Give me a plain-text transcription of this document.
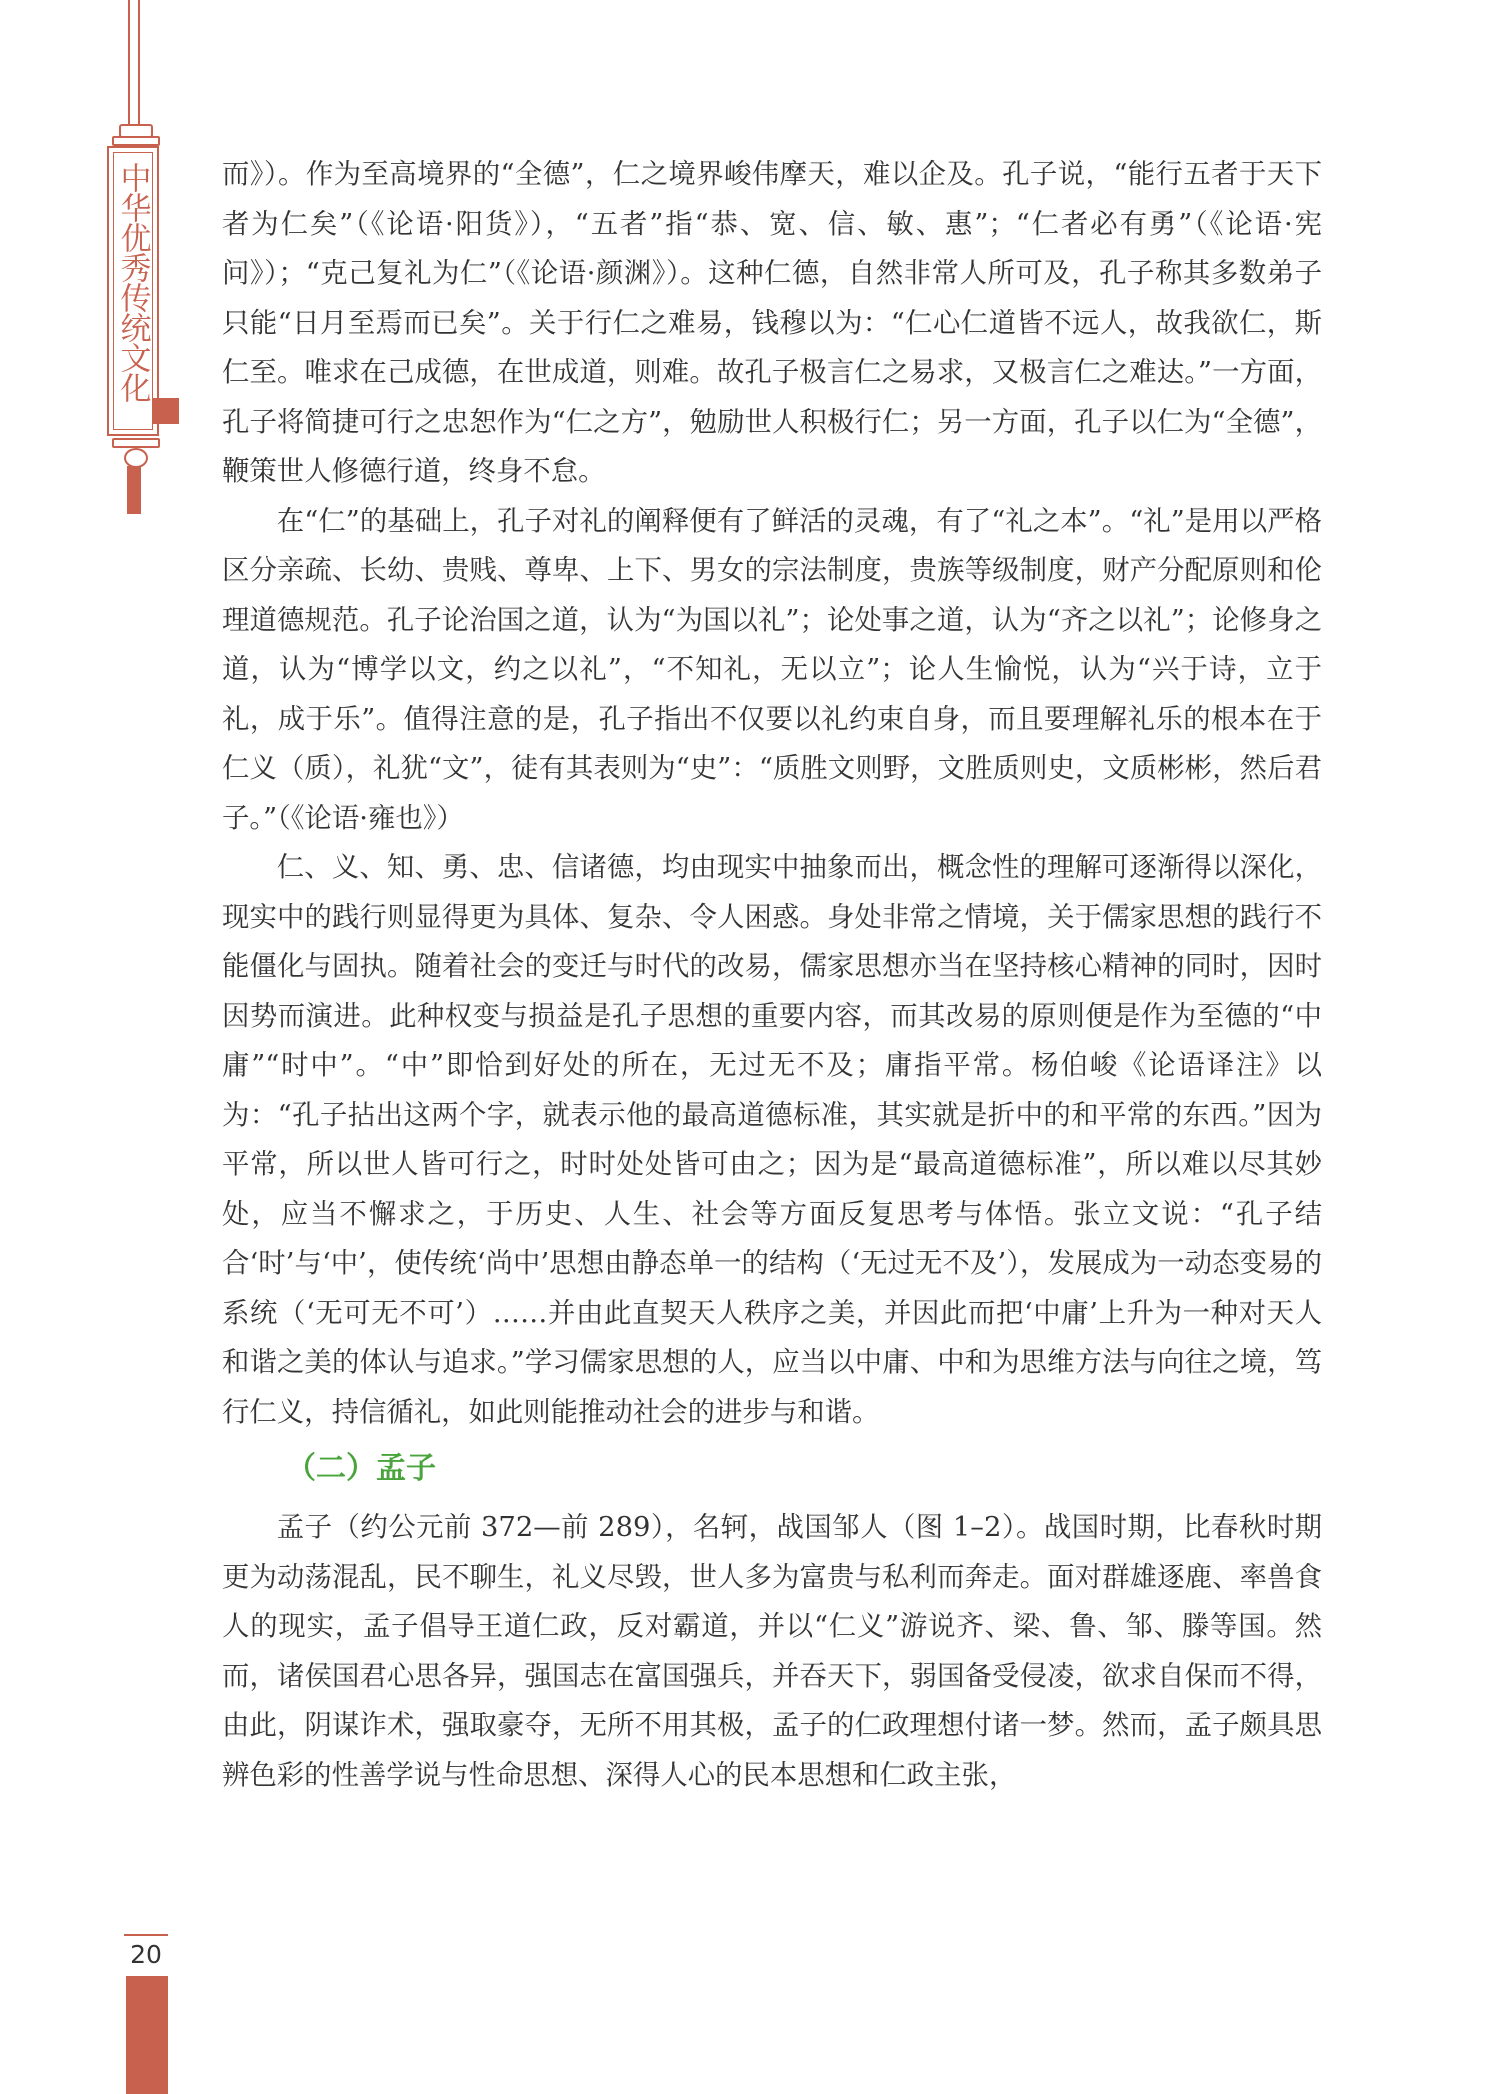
中华优秀传统文化
20

而》）。作为至高境界的“全德”，仁之境界峻伟摩天，难以企及。孔子说，“能行五者于天下者为仁矣”（《论语·阳货》），“五者”指“恭、宽、信、敏、惠”；“仁者必有勇”（《论语·宪问》）；“克己复礼为仁”（《论语·颜渊》）。这种仁德，自然非常人所可及，孔子称其多数弟子只能“日月至焉而已矣”。关于行仁之难易，钱穆以为：“仁心仁道皆不远人，故我欲仁，斯仁至。唯求在己成德，在世成道，则难。故孔子极言仁之易求，又极言仁之难达。”一方面，孔子将简捷可行之忠恕作为“仁之方”，勉励世人积极行仁；另一方面，孔子以仁为“全德”，鞭策世人修德行道，终身不怠。

在“仁”的基础上，孔子对礼的阐释便有了鲜活的灵魂，有了“礼之本”。“礼”是用以严格区分亲疏、长幼、贵贱、尊卑、上下、男女的宗法制度，贵族等级制度，财产分配原则和伦理道德规范。孔子论治国之道，认为“为国以礼”；论处事之道，认为“齐之以礼”；论修身之道，认为“博学以文，约之以礼”，“不知礼，无以立”；论人生愉悦，认为“兴于诗，立于礼，成于乐”。值得注意的是，孔子指出不仅要以礼约束自身，而且要理解礼乐的根本在于仁义（质），礼犹“文”，徒有其表则为“史”：“质胜文则野，文胜质则史，文质彬彬，然后君子。”（《论语·雍也》）

仁、义、知、勇、忠、信诸德，均由现实中抽象而出，概念性的理解可逐渐得以深化，现实中的践行则显得更为具体、复杂、令人困惑。身处非常之情境，关于儒家思想的践行不能僵化与固执。随着社会的变迁与时代的改易，儒家思想亦当在坚持核心精神的同时，因时因势而演进。此种权变与损益是孔子思想的重要内容，而其改易的原则便是作为至德的“中庸”“时中”。“中”即恰到好处的所在，无过无不及；庸指平常。杨伯峻《论语译注》以为：“孔子拈出这两个字，就表示他的最高道德标准，其实就是折中的和平常的东西。”因为平常，所以世人皆可行之，时时处处皆可由之；因为是“最高道德标准”，所以难以尽其妙处，应当不懈求之，于历史、人生、社会等方面反复思考与体悟。张立文说：“孔子结合‘时’与‘中’，使传统‘尚中’思想由静态单一的结构（‘无过无不及’），发展成为一动态变易的系统（‘无可无不可’）……并由此直契天人秩序之美，并因此而把‘中庸’上升为一种对天人和谐之美的体认与追求。”学习儒家思想的人，应当以中庸、中和为思维方法与向往之境，笃行仁义，持信循礼，如此则能推动社会的进步与和谐。

（二）孟子

孟子（约公元前 372—前 289），名轲，战国邹人（图 1–2）。战国时期，比春秋时期更为动荡混乱，民不聊生，礼义尽毁，世人多为富贵与私利而奔走。面对群雄逐鹿、率兽食人的现实，孟子倡导王道仁政，反对霸道，并以“仁义”游说齐、梁、鲁、邹、滕等国。然而，诸侯国君心思各异，强国志在富国强兵，并吞天下，弱国备受侵凌，欲求自保而不得，由此，阴谋诈术，强取豪夺，无所不用其极，孟子的仁政理想付诸一梦。然而，孟子颇具思辨色彩的性善学说与性命思想、深得人心的民本思想和仁政主张，
